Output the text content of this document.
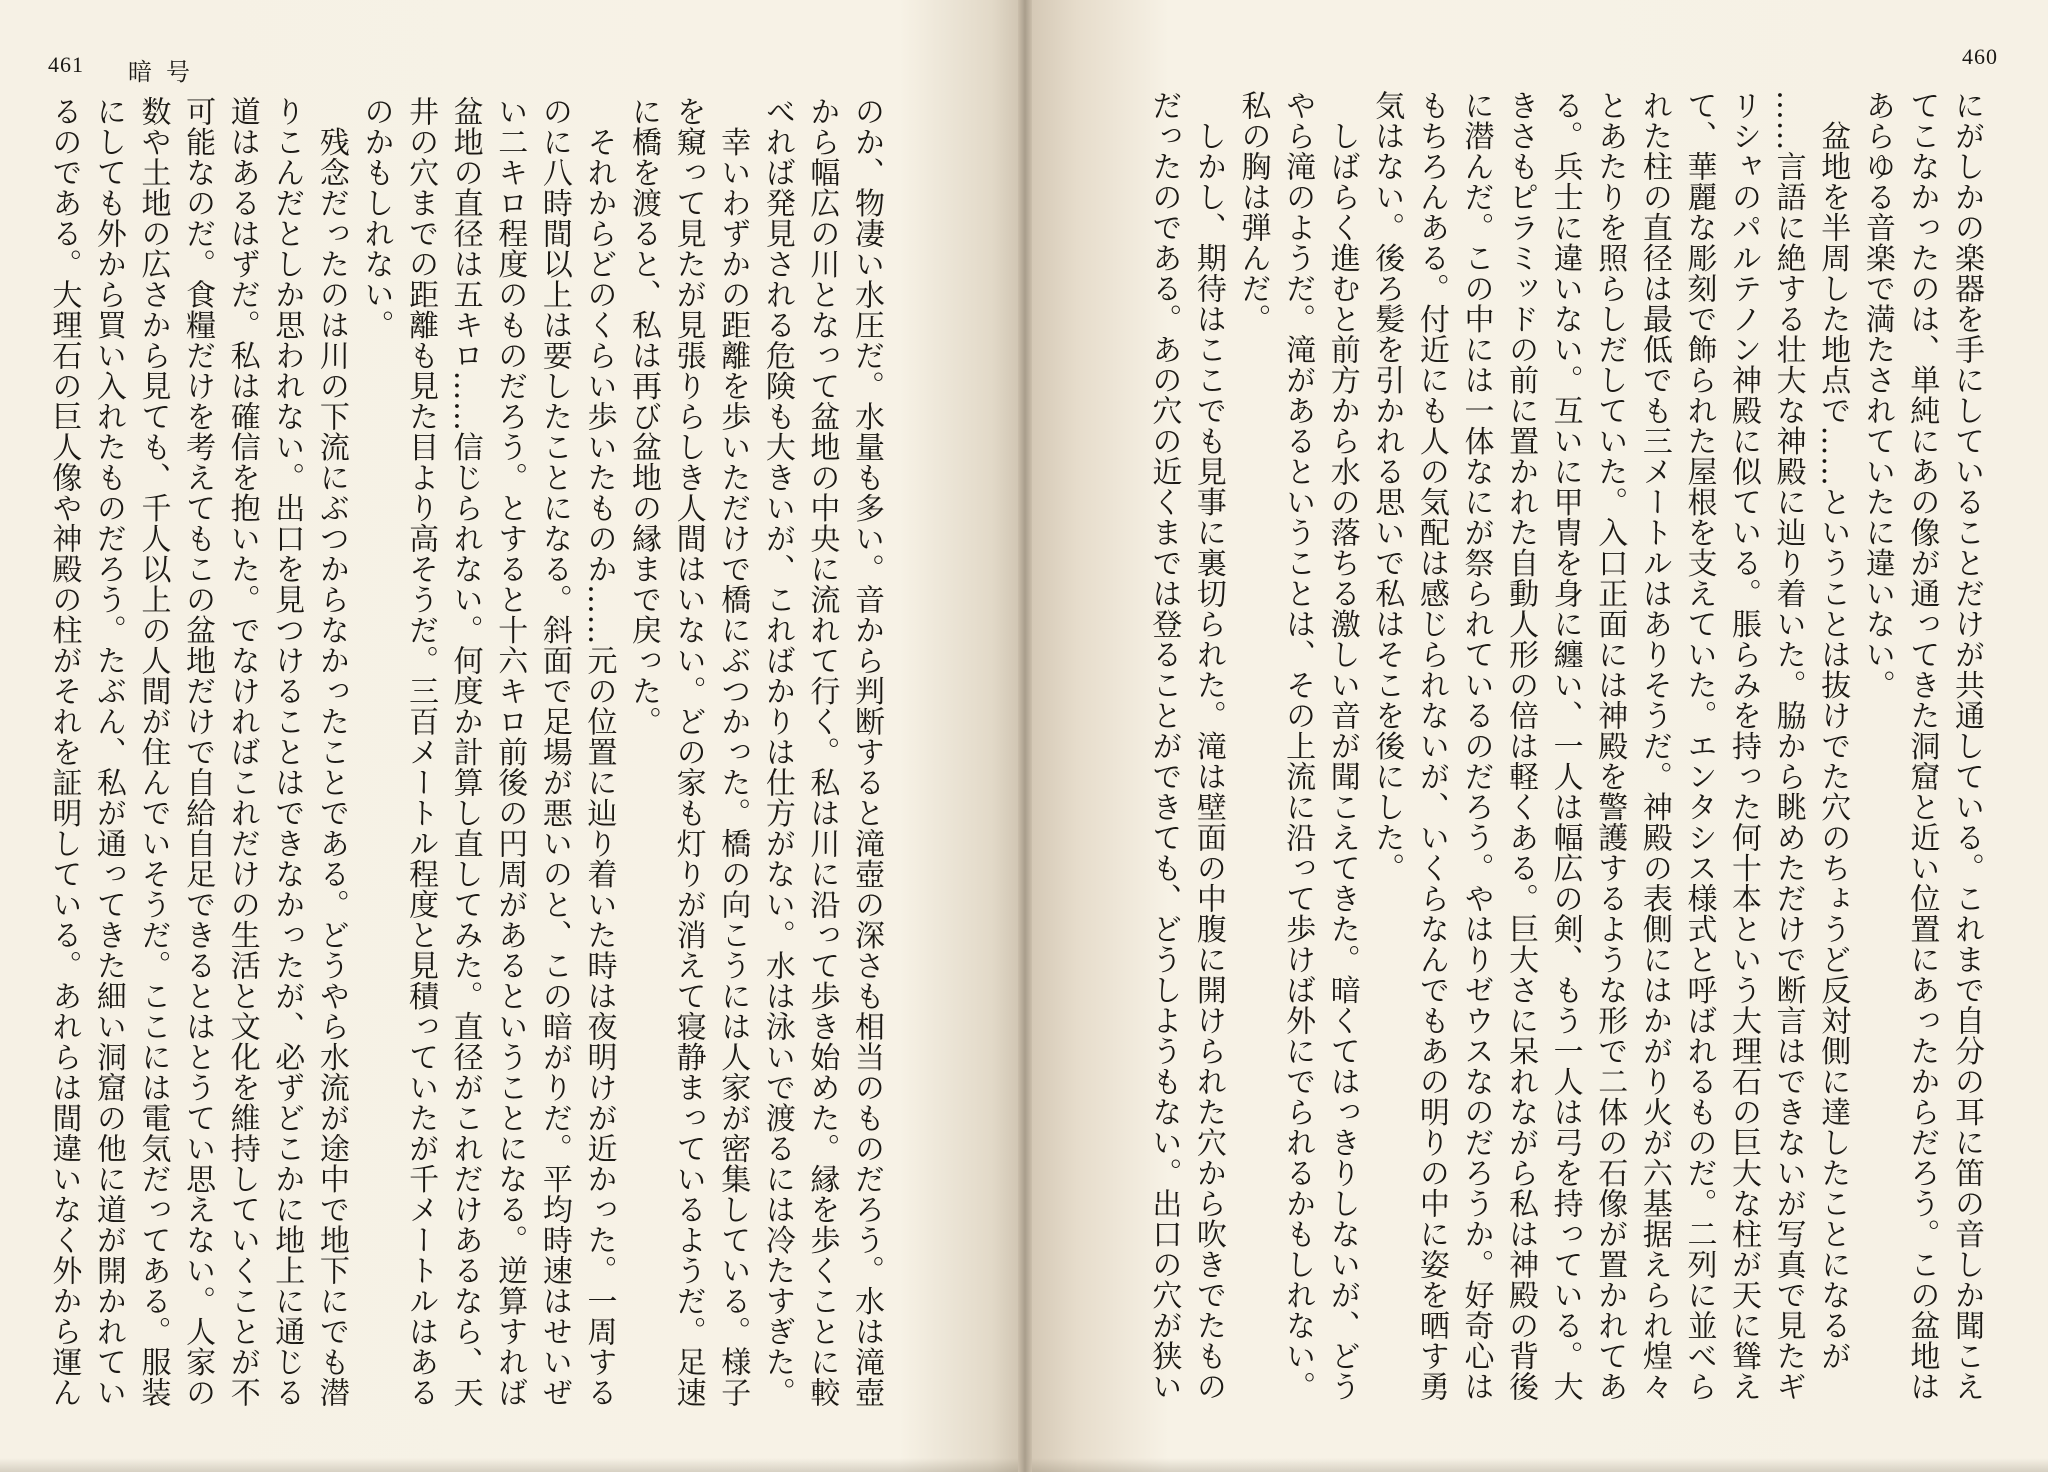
461 暗号
のか、物凄い水圧だ。水量も多い。音から判断すると滝壺の深さも相当のものだろう。水は滝壺
から幅広の川となって盆地の中央に流れて行く。私は川に沿って歩き始めた。縁を歩くことに較
べれば発見される危険も大きいが、こればかりは仕方がない。水は泳いで渡るには冷たすぎた。
　幸いわずかの距離を歩いただけで橋にぶつかった。橋の向こうには人家が密集している。様子
を窺って見たが見張りらしき人間はいない。どの家も灯りが消えて寝静まっているようだ。足速
に橋を渡ると、私は再び盆地の縁まで戻った。
　それからどのくらい歩いたものか……元の位置に辿り着いた時は夜明けが近かった。一周する
のに八時間以上は要したことになる。斜面で足場が悪いのと、この暗がりだ。平均時速はせいぜ
い二キロ程度のものだろう。とすると十六キロ前後の円周があるということになる。逆算すれば
盆地の直径は五キロ……信じられない。何度か計算し直してみた。直径がこれだけあるなら、天
井の穴までの距離も見た目より高そうだ。三百メートル程度と見積っていたが千メートルはある
のかもしれない。
　残念だったのは川の下流にぶつからなかったことである。どうやら水流が途中で地下にでも潜
りこんだとしか思われない。出口を見つけることはできなかったが、必ずどこかに地上に通じる
道はあるはずだ。私は確信を抱いた。でなければこれだけの生活と文化を維持していくことが不
可能なのだ。食糧だけを考えてもこの盆地だけで自給自足できるとはとうてい思えない。人家の
数や土地の広さから見ても、千人以上の人間が住んでいそうだ。ここには電気だってある。服装
にしても外から買い入れたものだろう。たぶん、私が通ってきた細い洞窟の他に道が開かれてい
るのである。大理石の巨人像や神殿の柱がそれを証明している。あれらは間違いなく外から運ん
460
にがしかの楽器を手にしていることだけが共通している。これまで自分の耳に笛の音しか聞こえ
てこなかったのは、単純にあの像が通ってきた洞窟と近い位置にあったからだろう。この盆地は
あらゆる音楽で満たされていたに違いない。
　盆地を半周した地点で……ということは抜けでた穴のちょうど反対側に達したことになるが
……言語に絶する壮大な神殿に辿り着いた。脇から眺めただけで断言はできないが写真で見たギ
リシャのパルテノン神殿に似ている。脹らみを持った何十本という大理石の巨大な柱が天に聳え
て、華麗な彫刻で飾られた屋根を支えていた。エンタシス様式と呼ばれるものだ。二列に並べら
れた柱の直径は最低でも三メートルはありそうだ。神殿の表側にはかがり火が六基据えられ煌々
とあたりを照らしだしていた。入口正面には神殿を警護するような形で二体の石像が置かれてあ
る。兵士に違いない。互いに甲冑を身に纏い、一人は幅広の剣、もう一人は弓を持っている。大
きさもピラミッドの前に置かれた自動人形の倍は軽くある。巨大さに呆れながら私は神殿の背後
に潜んだ。この中には一体なにが祭られているのだろう。やはりゼウスなのだろうか。好奇心は
もちろんある。付近にも人の気配は感じられないが、いくらなんでもあの明りの中に姿を晒す勇
気はない。後ろ髪を引かれる思いで私はそこを後にした。
　しばらく進むと前方から水の落ちる激しい音が聞こえてきた。暗くてはっきりしないが、どう
やら滝のようだ。滝があるということは、その上流に沿って歩けば外にでられるかもしれない。
私の胸は弾んだ。
　しかし、期待はここでも見事に裏切られた。滝は壁面の中腹に開けられた穴から吹きでたもの
だったのである。あの穴の近くまでは登ることができても、どうしようもない。出口の穴が狭い
